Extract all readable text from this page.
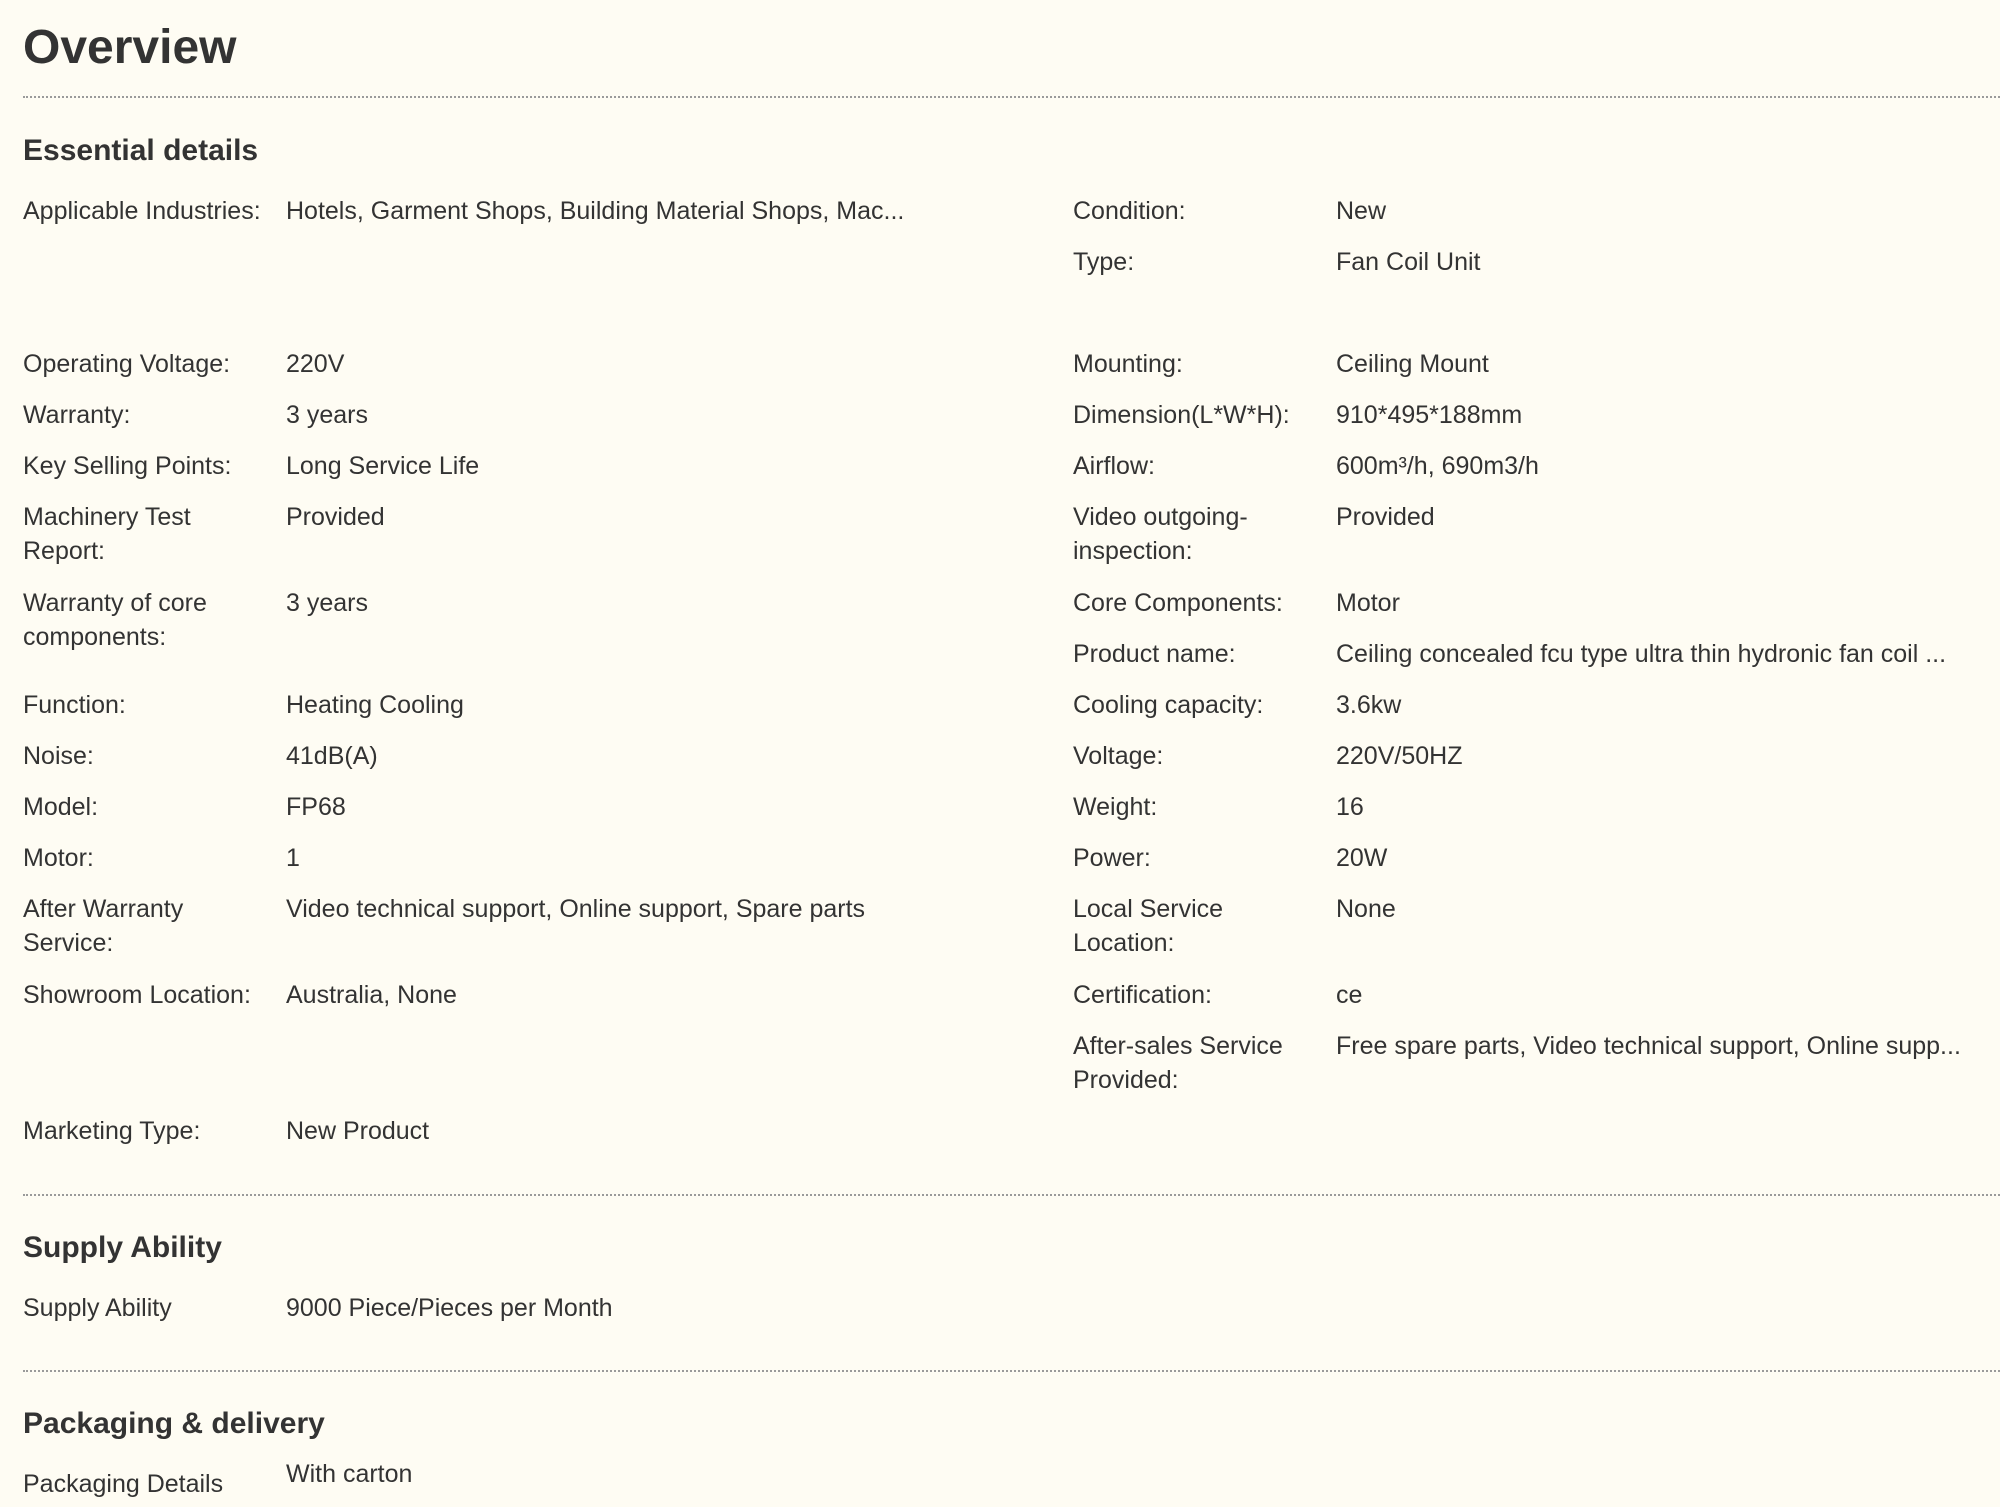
Overview
Essential details
Applicable Industries: Hotels, Garment Shops, Building Material Shops, Mac...
Operating Voltage:	220V
Warranty:	3 years
Key Selling Points:	Long Service Life
Machinery Test Report:
Provided
Warranty of core components:
3 years
Function:	Heating Cooling
Noise:	41dB(A)
Model:	FP68
Motor:	1
After Warranty Service:
Video technical support, Online support, Spare parts
Showroom Location:	Australia, None
Marketing Type:	New Product
Condition:	New
Type:	Fan Coil Unit
Mounting:	Ceiling Mount
Dimension(L*W*H):	910*495*188mm
Airflow:	600m³/h, 690m3/h
Video outgoing-inspection:
Provided
Core Components:	Motor
Product name:	Ceiling concealed fcu type ultra thin hydronic fan coil ...
Cooling capacity:	3.6kw
Voltage:	220V/50HZ
Weight:	16
Power:	20W
Local Service Location:
None
Certification:	ce
After-sales Service Provided:
Free spare parts, Video technical support, Online supp...
Supply Ability
Supply Ability	9000 Piece/Pieces per Month
Packaging & delivery
Packaging Details	With carton
